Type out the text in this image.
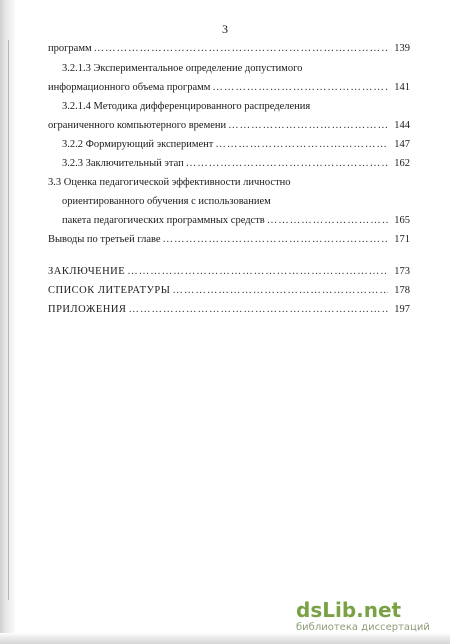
3
программ …………………………………………………………………………………………………………………………………………………	139
3.2.1.3 Экспериментальное определение допустимого
информационного объема программ …………………………………………………………………………………………………………………………………………………	141
3.2.1.4 Методика дифференцированного распределения
ограниченного компьютерного времени …………………………………………………………………………………………………………………………………………………	144
3.2.2 Формирующий эксперимент …………………………………………………………………………………………………………………………………………………	147
3.2.3 Заключительный этап …………………………………………………………………………………………………………………………………………………	162
3.3 Оценка педагогической эффективности личностно
ориентированного обучения с использованием
пакета педагогических программных средств …………………………………………………………………………………………………………………………………………………	165
Выводы по третьей главе …………………………………………………………………………………………………………………………………………………	171
ЗАКЛЮЧЕНИЕ …………………………………………………………………………………………………………………………………………………	173
СПИСОК ЛИТЕРАТУРЫ …………………………………………………………………………………………………………………………………………………	178
ПРИЛОЖЕНИЯ …………………………………………………………………………………………………………………………………………………	197
dsLib.net
библиотека диссертаций
